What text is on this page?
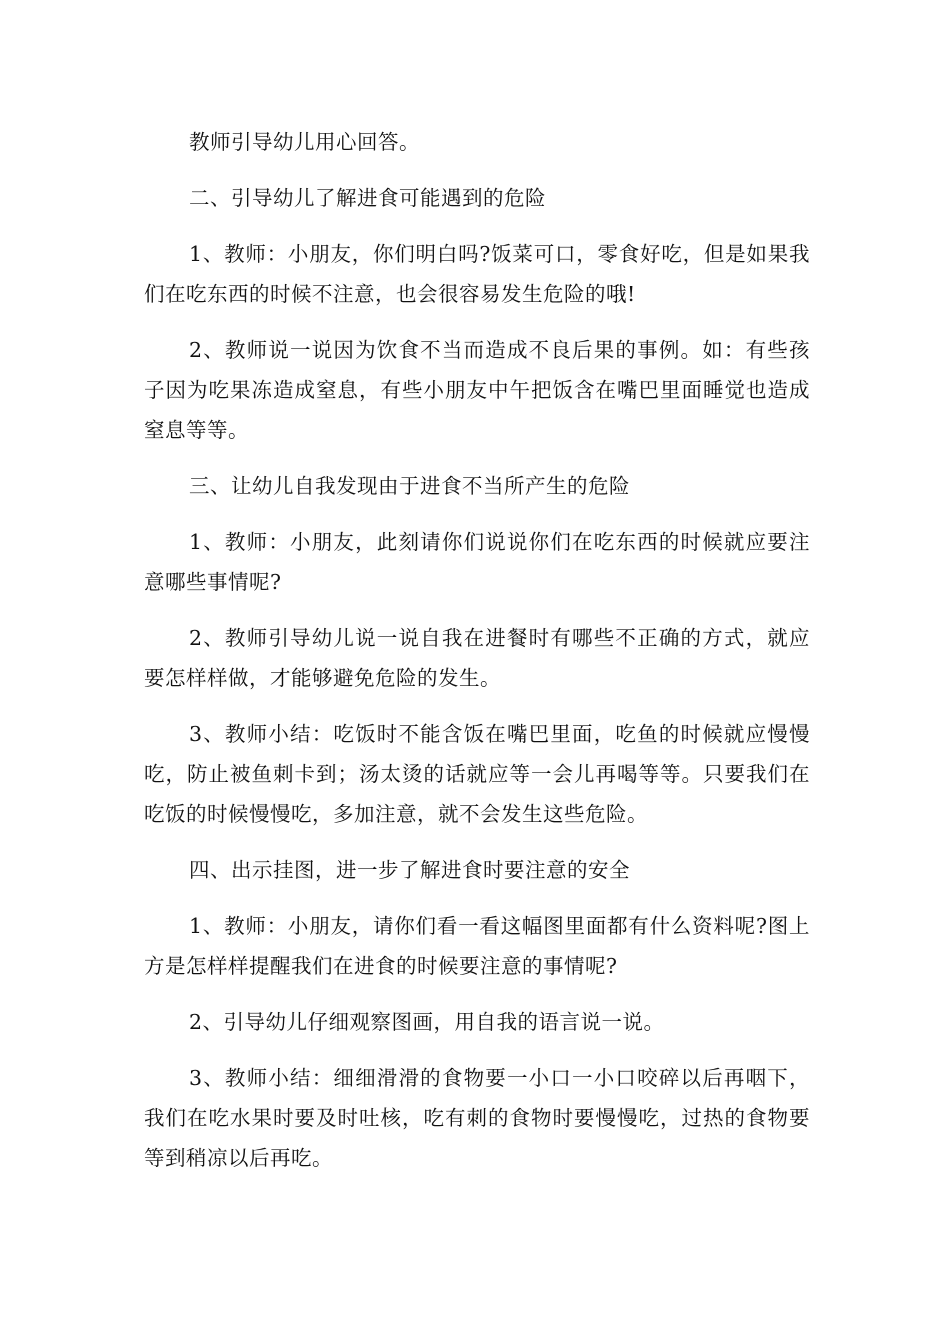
教师引导幼儿用心回答。

二、引导幼儿了解进食可能遇到的危险

1、教师：小朋友，你们明白吗?饭菜可口，零食好吃，但是如果我们在吃东西的时候不注意，也会很容易发生危险的哦!

2、教师说一说因为饮食不当而造成不良后果的事例。如：有些孩子因为吃果冻造成窒息，有些小朋友中午把饭含在嘴巴里面睡觉也造成窒息等等。

三、让幼儿自我发现由于进食不当所产生的危险

1、教师：小朋友，此刻请你们说说你们在吃东西的时候就应要注意哪些事情呢?

2、教师引导幼儿说一说自我在进餐时有哪些不正确的方式，就应要怎样样做，才能够避免危险的发生。

3、教师小结：吃饭时不能含饭在嘴巴里面，吃鱼的时候就应慢慢吃，防止被鱼刺卡到；汤太烫的话就应等一会儿再喝等等。只要我们在吃饭的时候慢慢吃，多加注意，就不会发生这些危险。

四、出示挂图，进一步了解进食时要注意的安全

1、教师：小朋友，请你们看一看这幅图里面都有什么资料呢?图上方是怎样样提醒我们在进食的时候要注意的事情呢?

2、引导幼儿仔细观察图画，用自我的语言说一说。

3、教师小结：细细滑滑的食物要一小口一小口咬碎以后再咽下，我们在吃水果时要及时吐核，吃有刺的食物时要慢慢吃，过热的食物要等到稍凉以后再吃。
